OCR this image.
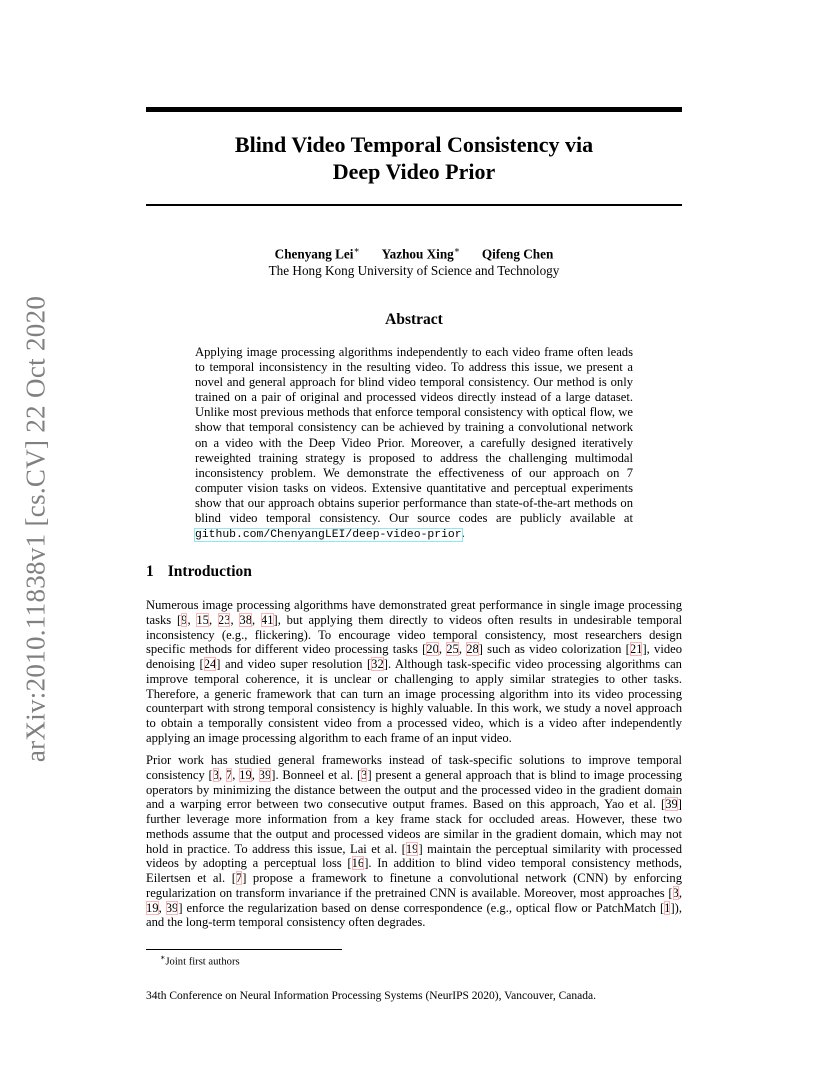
arXiv:2010.11838v1 [cs.CV] 22 Oct 2020
Blind Video Temporal Consistency via
Deep Video Prior
Chenyang Lei∗ Yazhou Xing∗ Qifeng Chen
The Hong Kong University of Science and Technology
Abstract
Applying image processing algorithms independently to each video frame often leads to temporal inconsistency in the resulting video. To address this issue, we present a novel and general approach for blind video temporal consistency. Our method is only trained on a pair of original and processed videos directly instead of a large dataset. Unlike most previous methods that enforce temporal consistency with optical flow, we show that temporal consistency can be achieved by training a convolutional network on a video with the Deep Video Prior. Moreover, a carefully designed iteratively reweighted training strategy is proposed to address the challenging multimodal inconsistency problem. We demonstrate the effectiveness of our approach on 7 computer vision tasks on videos. Extensive quantitative and perceptual experiments show that our approach obtains superior performance than state-of-the-art methods on blind video temporal consistency. Our source codes are publicly available at github.com/ChenyangLEI/deep-video-prior.
1 Introduction

Numerous image processing algorithms have demonstrated great performance in single image processing tasks [9, 15, 23, 38, 41], but applying them directly to videos often results in undesirable temporal inconsistency (e.g., flickering). To encourage video temporal consistency, most researchers design specific methods for different video processing tasks [20, 25, 28] such as video colorization [21], video denoising [24] and video super resolution [32]. Although task-specific video processing algorithms can improve temporal coherence, it is unclear or challenging to apply similar strategies to other tasks. Therefore, a generic framework that can turn an image processing algorithm into its video processing counterpart with strong temporal consistency is highly valuable. In this work, we study a novel approach to obtain a temporally consistent video from a processed video, which is a video after independently applying an image processing algorithm to each frame of an input video.

Prior work has studied general frameworks instead of task-specific solutions to improve temporal consistency [3, 7, 19, 39]. Bonneel et al. [3] present a general approach that is blind to image processing operators by minimizing the distance between the output and the processed video in the gradient domain and a warping error between two consecutive output frames. Based on this approach, Yao et al. [39] further leverage more information from a key frame stack for occluded areas. However, these two methods assume that the output and processed videos are similar in the gradient domain, which may not hold in practice. To address this issue, Lai et al. [19] maintain the perceptual similarity with processed videos by adopting a perceptual loss [16]. In addition to blind video temporal consistency methods, Eilertsen et al. [7] propose a framework to finetune a convolutional network (CNN) by enforcing regularization on transform invariance if the pretrained CNN is available. Moreover, most approaches [3, 19, 39] enforce the regularization based on dense correspondence (e.g., optical flow or PatchMatch [1]), and the long-term temporal consistency often degrades.

∗Joint first authors
34th Conference on Neural Information Processing Systems (NeurIPS 2020), Vancouver, Canada.
